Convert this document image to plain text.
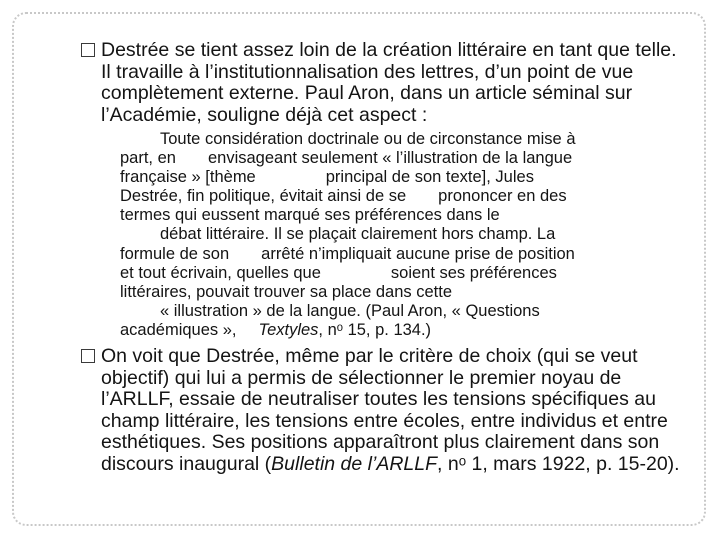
Destrée se tient assez loin de la création littéraire en tant que telle. Il travaille à l’institutionnalisation des lettres, d’un point de vue complètement externe. Paul Aron, dans un article séminal sur l’Académie, souligne déjà cet aspect :

Toute considération doctrinale ou de circonstance mise à
part, en envisageant seulement « l’illustration de la langue
française » [thème	principal de son texte], Jules
Destrée, fin politique, évitait ainsi de se prononcer en des
termes qui eussent marqué ses préférences dans le
débat littéraire. Il se plaçait clairement hors champ. La
formule de son arrêté n’impliquait aucune prise de position
et tout écrivain, quelles que	soient ses préférences
littéraires, pouvait trouver sa place dans cette
« illustration » de la langue. (Paul Aron, « Questions
académiques », Textyles, nᵒ 15, p. 134.)

On voit que Destrée, même par le critère de choix (qui se veut objectif) qui lui a permis de sélectionner le premier noyau de l’ARLLF, essaie de neutraliser toutes les tensions spécifiques au champ littéraire, les tensions entre écoles, entre individus et entre esthétiques. Ses positions apparaîtront plus clairement dans son discours inaugural (Bulletin de l’ARLLF, nᵒ 1, mars 1922, p. 15-20).
